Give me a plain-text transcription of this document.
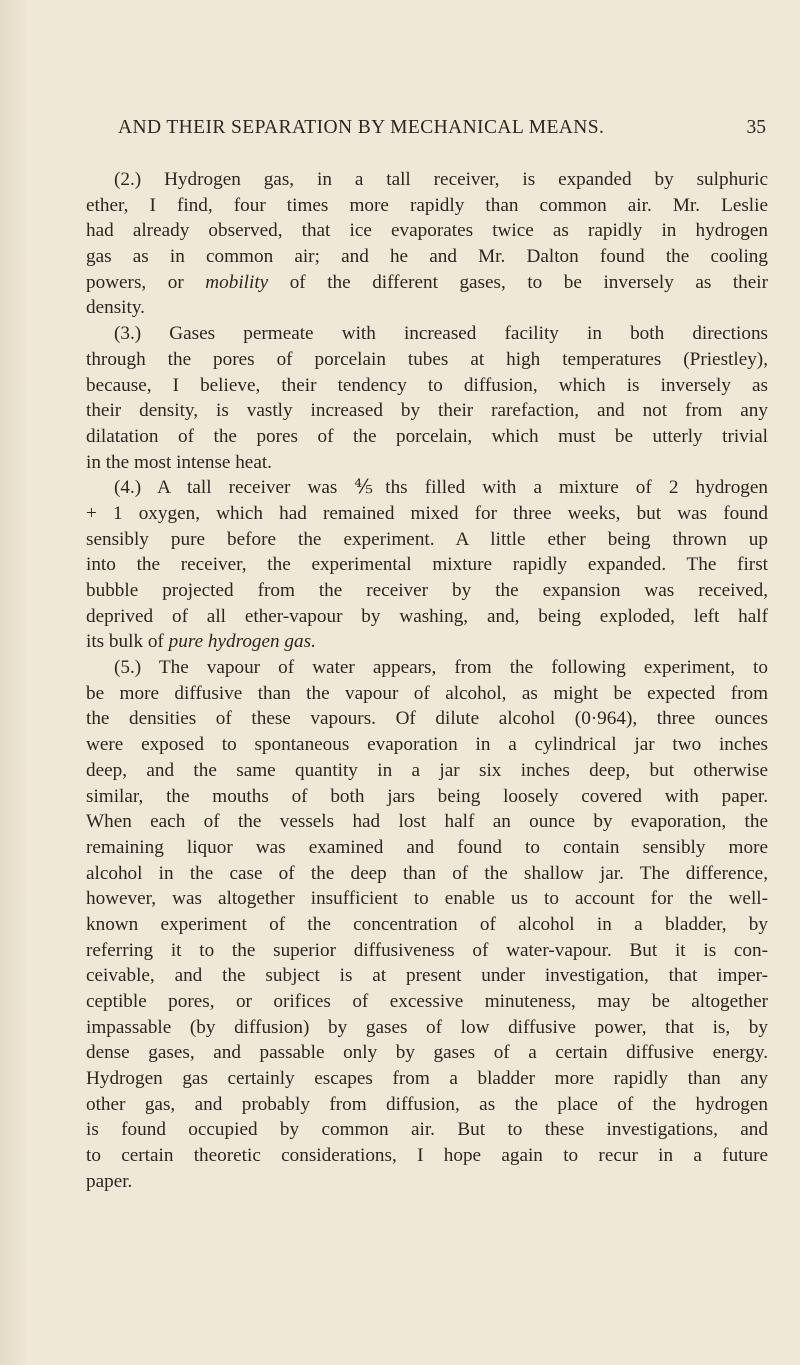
AND THEIR SEPARATION BY MECHANICAL MEANS.	35
(2.) Hydrogen gas, in a tall receiver, is expanded by sulphuric
ether, I find, four times more rapidly than common air. Mr. Leslie
had already observed, that ice evaporates twice as rapidly in hydrogen
gas as in common air; and he and Mr. Dalton found the cooling
powers, or mobility of the different gases, to be inversely as their
density.
(3.) Gases permeate with increased facility in both directions
through the pores of porcelain tubes at high temperatures (Priestley),
because, I believe, their tendency to diffusion, which is inversely as
their density, is vastly increased by their rarefaction, and not from any
dilatation of the pores of the porcelain, which must be utterly trivial
in the most intense heat.
(4.) A tall receiver was ⅘ths filled with a mixture of 2 hydrogen
+ 1 oxygen, which had remained mixed for three weeks, but was found
sensibly pure before the experiment. A little ether being thrown up
into the receiver, the experimental mixture rapidly expanded. The first
bubble projected from the receiver by the expansion was received,
deprived of all ether-vapour by washing, and, being exploded, left half
its bulk of pure hydrogen gas.
(5.) The vapour of water appears, from the following experiment, to
be more diffusive than the vapour of alcohol, as might be expected from
the densities of these vapours. Of dilute alcohol (0·964), three ounces
were exposed to spontaneous evaporation in a cylindrical jar two inches
deep, and the same quantity in a jar six inches deep, but otherwise
similar, the mouths of both jars being loosely covered with paper.
When each of the vessels had lost half an ounce by evaporation, the
remaining liquor was examined and found to contain sensibly more
alcohol in the case of the deep than of the shallow jar. The difference,
however, was altogether insufficient to enable us to account for the well-
known experiment of the concentration of alcohol in a bladder, by
referring it to the superior diffusiveness of water-vapour. But it is con-
ceivable, and the subject is at present under investigation, that imper-
ceptible pores, or orifices of excessive minuteness, may be altogether
impassable (by diffusion) by gases of low diffusive power, that is, by
dense gases, and passable only by gases of a certain diffusive energy.
Hydrogen gas certainly escapes from a bladder more rapidly than any
other gas, and probably from diffusion, as the place of the hydrogen
is found occupied by common air. But to these investigations, and
to certain theoretic considerations, I hope again to recur in a future
paper.
